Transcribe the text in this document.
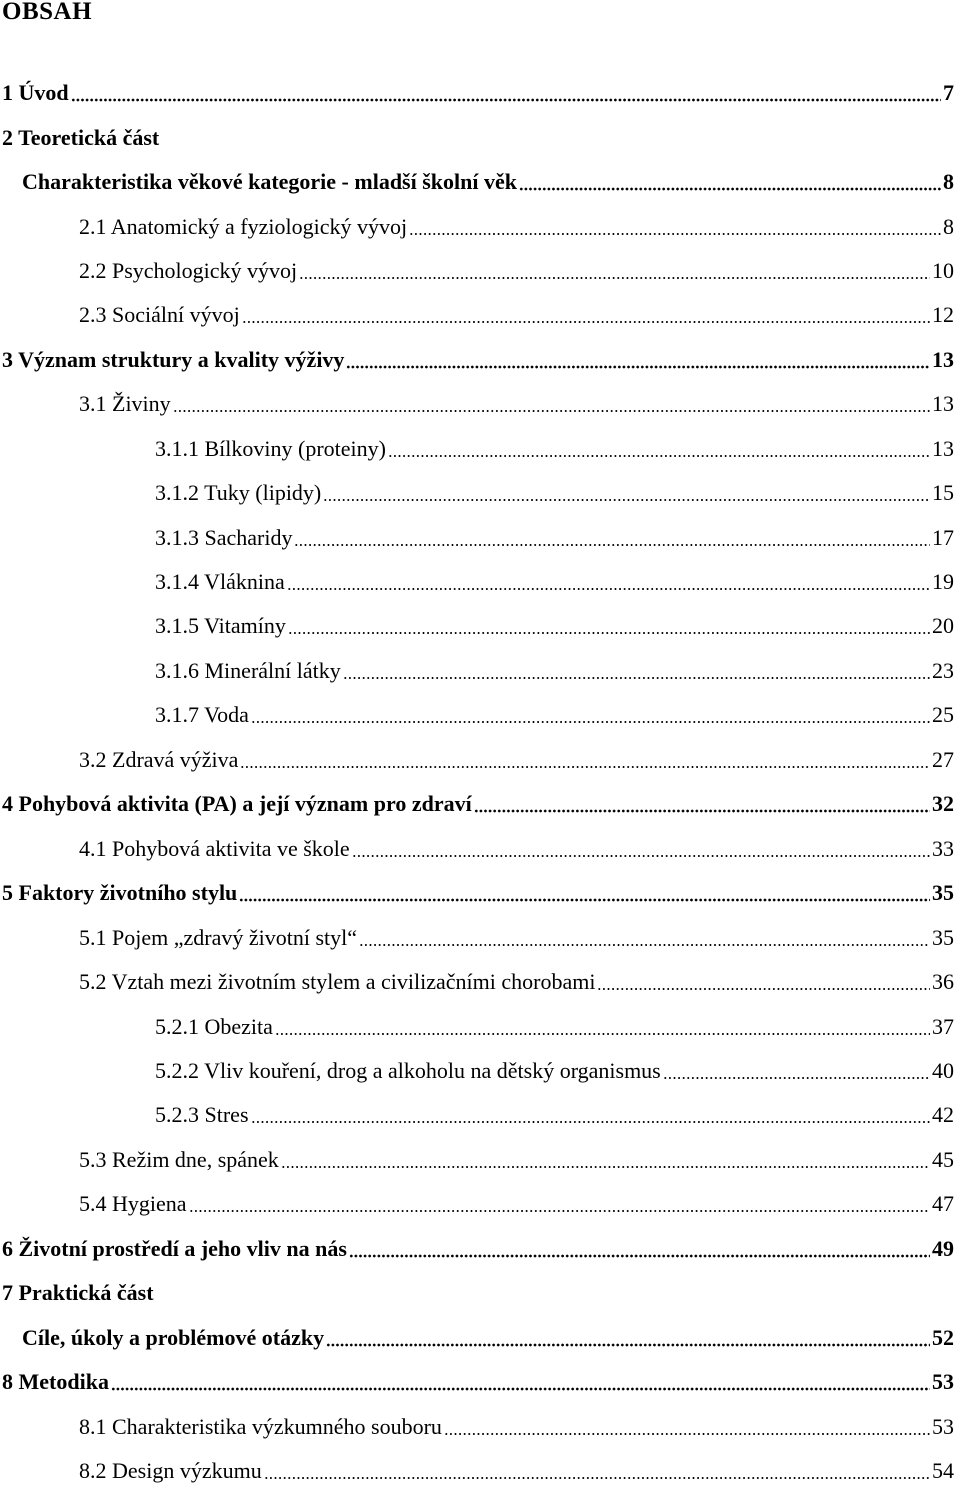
OBSAH
1 Úvod	7
2 Teoretická část
Charakteristika věkové kategorie - mladší školní věk	8
2.1 Anatomický a fyziologický vývoj	8
2.2 Psychologický vývoj	10
2.3 Sociální vývoj	12
3 Význam struktury a kvality výživy	13
3.1 Živiny	13
3.1.1 Bílkoviny (proteiny)	13
3.1.2 Tuky (lipidy)	15
3.1.3 Sacharidy	17
3.1.4 Vláknina	19
3.1.5 Vitamíny	20
3.1.6 Minerální látky	23
3.1.7 Voda	25
3.2 Zdravá výživa	27
4 Pohybová aktivita (PA) a její význam pro zdraví	32
4.1 Pohybová aktivita ve škole	33
5 Faktory životního stylu	35
5.1 Pojem „zdravý životní styl“	35
5.2 Vztah mezi životním stylem a civilizačními chorobami	36
5.2.1 Obezita	37
5.2.2 Vliv kouření, drog a alkoholu na dětský organismus	40
5.2.3 Stres	42
5.3 Režim dne, spánek	45
5.4 Hygiena	47
6 Životní prostředí a jeho vliv na nás	49
7 Praktická část
Cíle, úkoly a problémové otázky	52
8 Metodika	53
8.1 Charakteristika výzkumného souboru	53
8.2 Design výzkumu	54
